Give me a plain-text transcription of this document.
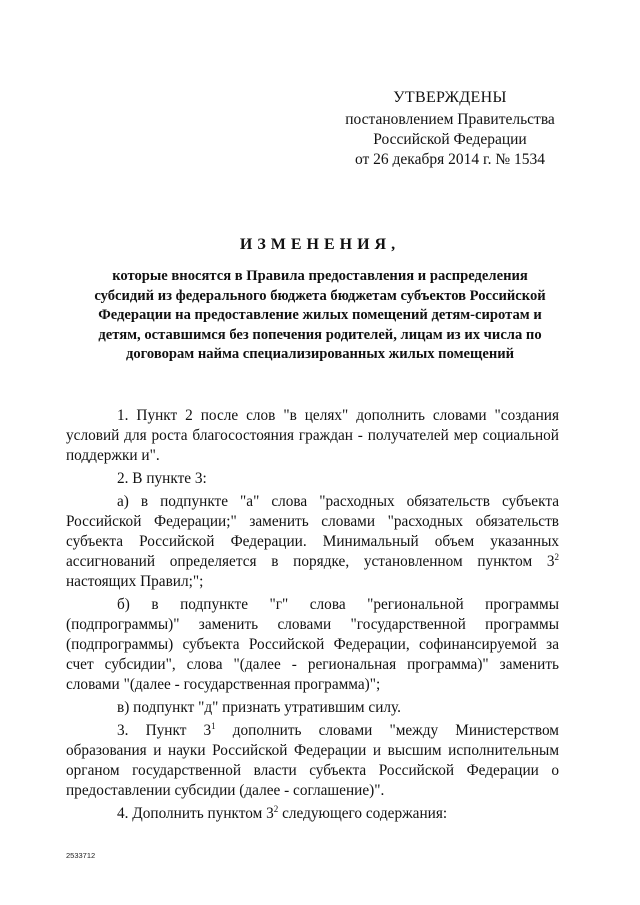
УТВЕРЖДЕНЫ
постановлением Правительства
Российской Федерации
от 26 декабря 2014 г. № 1534
ИЗМЕНЕНИЯ,
которые вносятся в Правила предоставления и распределения субсидий из федерального бюджета бюджетам субъектов Российской Федерации на предоставление жилых помещений детям-сиротам и детям, оставшимся без попечения родителей, лицам из их числа по договорам найма специализированных жилых помещений

1. Пункт 2 после слов "в целях" дополнить словами "создания условий для роста благосостояния граждан - получателей мер социальной поддержки и".

2. В пункте 3:

а) в подпункте "а" слова "расходных обязательств субъекта Российской Федерации;" заменить словами "расходных обязательств субъекта Российской Федерации. Минимальный объем указанных ассигнований определяется в порядке, установленном пунктом $3^2$ настоящих Правил;";

б) в подпункте "г" слова "региональной программы (подпрограммы)" заменить словами "государственной программы (подпрограммы) субъекта Российской Федерации, софинансируемой за счет субсидии", слова "(далее - региональная программа)" заменить словами "(далее - государственная программа)";

в) подпункт "д" признать утратившим силу.

3. Пункт $3^1$ дополнить словами "между Министерством образования и науки Российской Федерации и высшим исполнительным органом государственной власти субъекта Российской Федерации о предоставлении субсидии (далее - соглашение)".

4. Дополнить пунктом $3^2$ следующего содержания:

2533712
